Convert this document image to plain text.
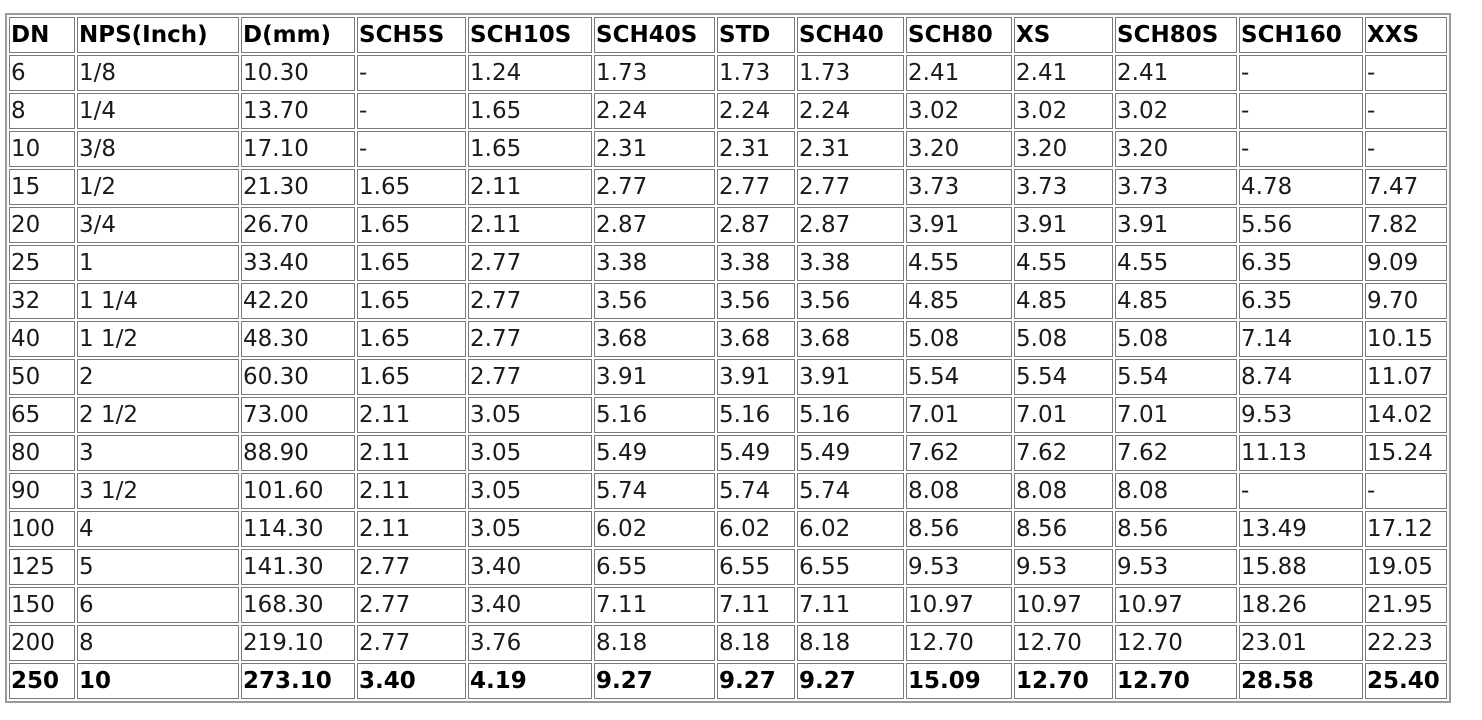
DN	NPS(Inch)	D(mm)	SCH5S	SCH10S	SCH40S	STD	SCH40	SCH80	XS	SCH80S	SCH160	XXS
6	1/8	10.30	-	1.24	1.73	1.73	1.73	2.41	2.41	2.41	-	-
8	1/4	13.70	-	1.65	2.24	2.24	2.24	3.02	3.02	3.02	-	-
10	3/8	17.10	-	1.65	2.31	2.31	2.31	3.20	3.20	3.20	-	-
15	1/2	21.30	1.65	2.11	2.77	2.77	2.77	3.73	3.73	3.73	4.78	7.47
20	3/4	26.70	1.65	2.11	2.87	2.87	2.87	3.91	3.91	3.91	5.56	7.82
25	1	33.40	1.65	2.77	3.38	3.38	3.38	4.55	4.55	4.55	6.35	9.09
32	1 1/4	42.20	1.65	2.77	3.56	3.56	3.56	4.85	4.85	4.85	6.35	9.70
40	1 1/2	48.30	1.65	2.77	3.68	3.68	3.68	5.08	5.08	5.08	7.14	10.15
50	2	60.30	1.65	2.77	3.91	3.91	3.91	5.54	5.54	5.54	8.74	11.07
65	2 1/2	73.00	2.11	3.05	5.16	5.16	5.16	7.01	7.01	7.01	9.53	14.02
80	3	88.90	2.11	3.05	5.49	5.49	5.49	7.62	7.62	7.62	11.13	15.24
90	3 1/2	101.60	2.11	3.05	5.74	5.74	5.74	8.08	8.08	8.08	-	-
100	4	114.30	2.11	3.05	6.02	6.02	6.02	8.56	8.56	8.56	13.49	17.12
125	5	141.30	2.77	3.40	6.55	6.55	6.55	9.53	9.53	9.53	15.88	19.05
150	6	168.30	2.77	3.40	7.11	7.11	7.11	10.97	10.97	10.97	18.26	21.95
200	8	219.10	2.77	3.76	8.18	8.18	8.18	12.70	12.70	12.70	23.01	22.23
250	10	273.10	3.40	4.19	9.27	9.27	9.27	15.09	12.70	12.70	28.58	25.40
